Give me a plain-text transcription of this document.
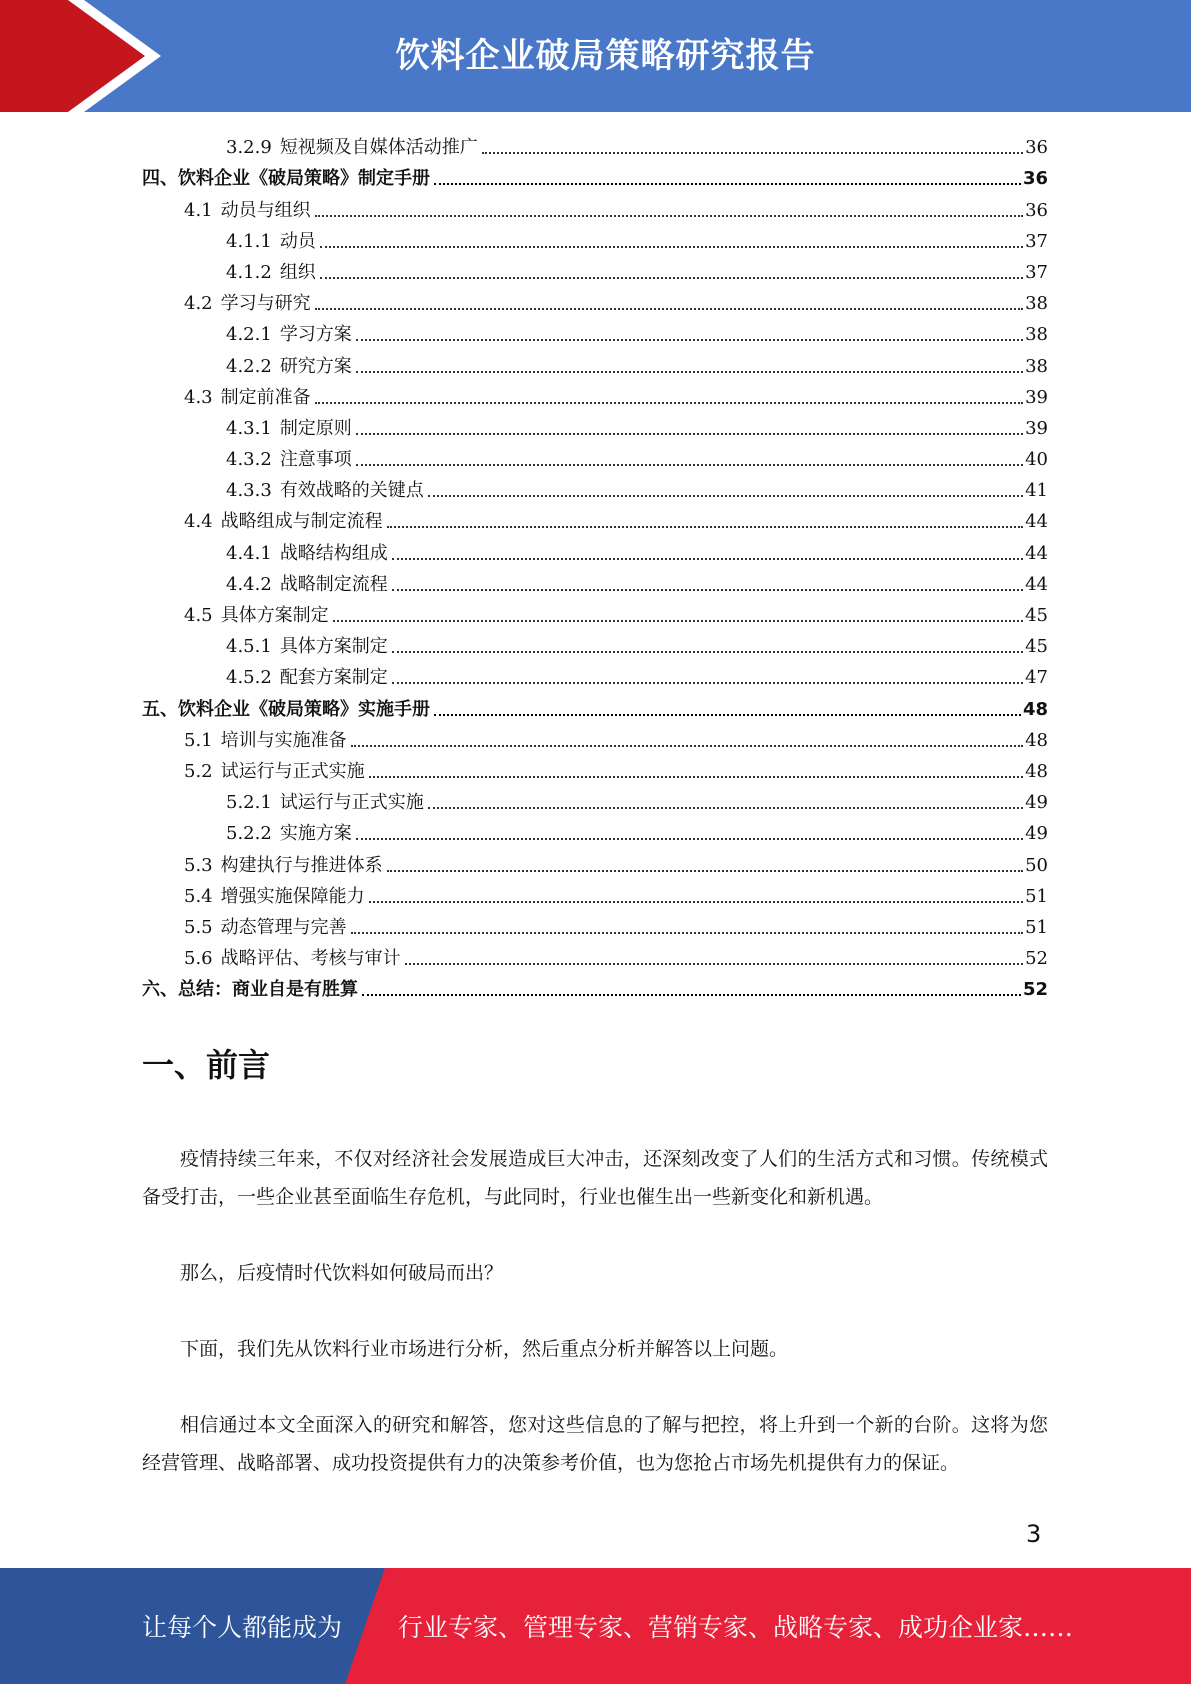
饮料企业破局策略研究报告
3.2.9 短视频及自媒体活动推广	36
四、饮料企业《破局策略》制定手册	36
4.1 动员与组织	36
4.1.1 动员	37
4.1.2 组织	37
4.2 学习与研究	38
4.2.1 学习方案	38
4.2.2 研究方案	38
4.3 制定前准备	39
4.3.1 制定原则	39
4.3.2 注意事项	40
4.3.3 有效战略的关键点	41
4.4 战略组成与制定流程	44
4.4.1 战略结构组成	44
4.4.2 战略制定流程	44
4.5 具体方案制定	45
4.5.1 具体方案制定	45
4.5.2 配套方案制定	47
五、饮料企业《破局策略》实施手册	48
5.1 培训与实施准备	48
5.2 试运行与正式实施	48
5.2.1 试运行与正式实施	49
5.2.2 实施方案	49
5.3 构建执行与推进体系	50
5.4 增强实施保障能力	51
5.5 动态管理与完善	51
5.6 战略评估、考核与审计	52
六、总结：商业自是有胜算	52
一、前言

疫情持续三年来，不仅对经济社会发展造成巨大冲击，还深刻改变了人们的生活方式和习惯。传统模式备受打击，一些企业甚至面临生存危机，与此同时，行业也催生出一些新变化和新机遇。

那么，后疫情时代饮料如何破局而出？

下面，我们先从饮料行业市场进行分析，然后重点分析并解答以上问题。

相信通过本文全面深入的研究和解答，您对这些信息的了解与把控，将上升到一个新的台阶。这将为您经营管理、战略部署、成功投资提供有力的决策参考价值，也为您抢占市场先机提供有力的保证。

3
让每个人都能成为 行业专家、管理专家、营销专家、战略专家、成功企业家……
